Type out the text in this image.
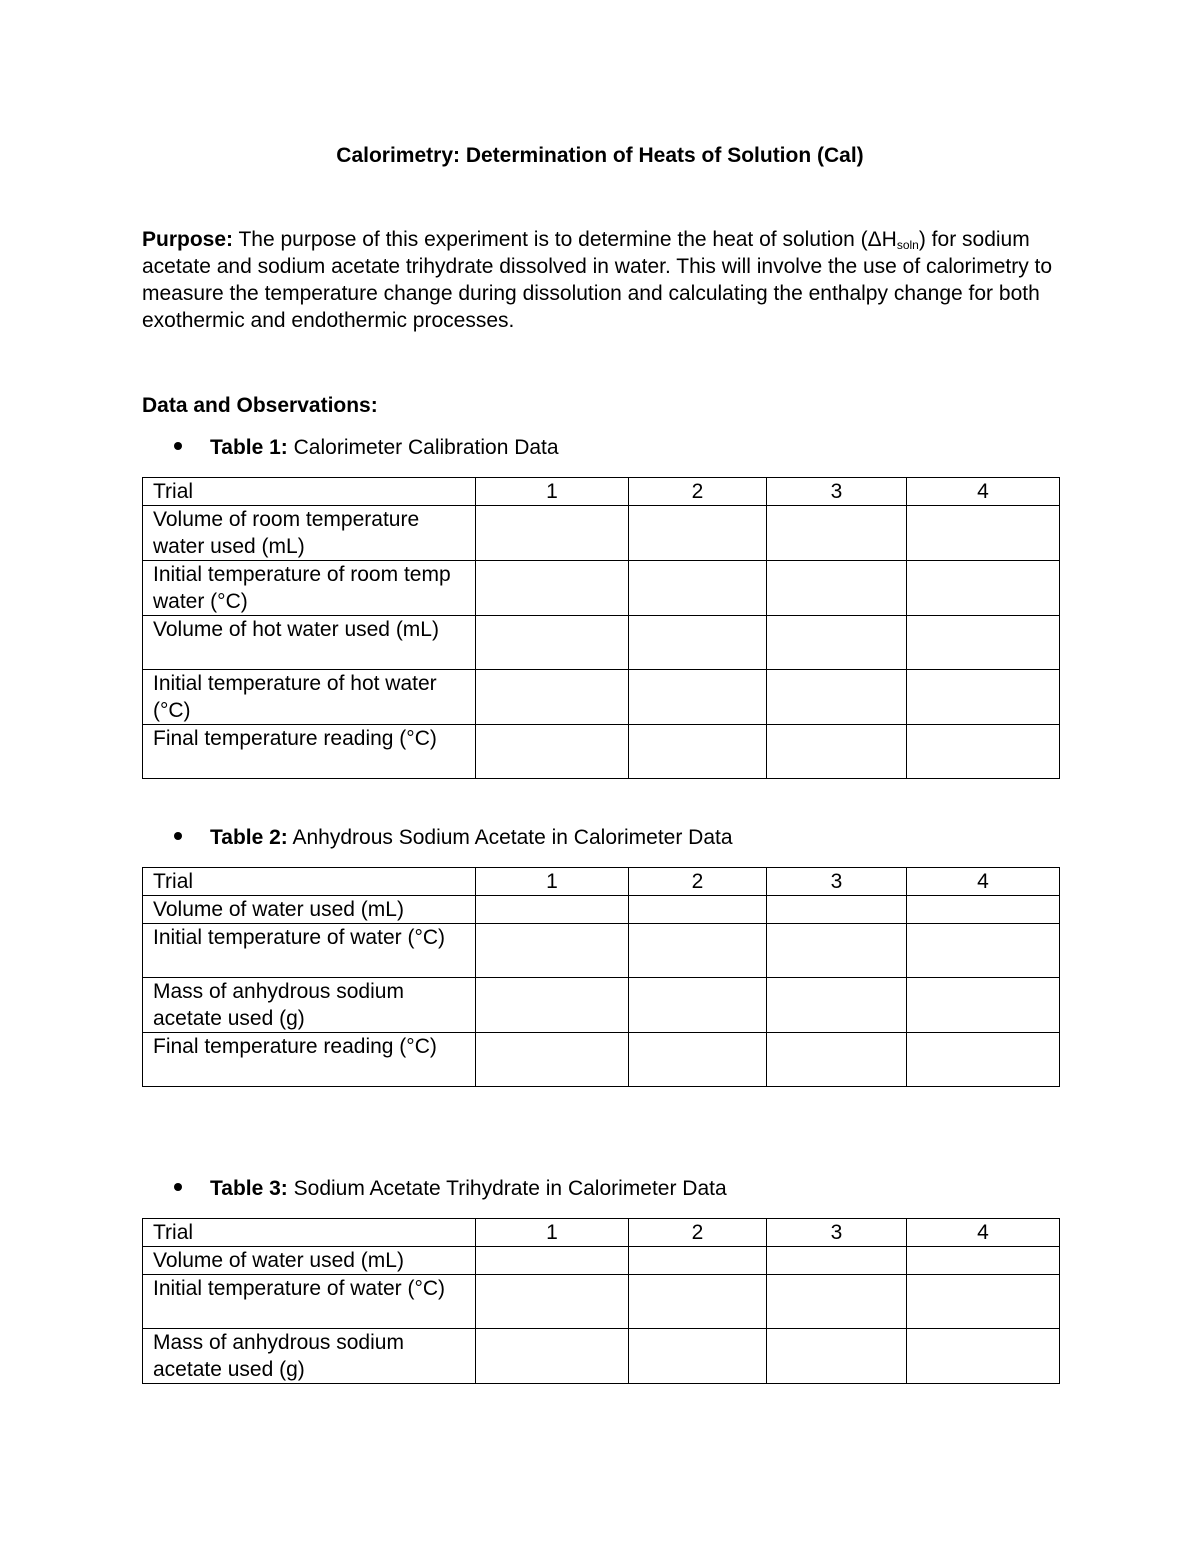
Calorimetry: Determination of Heats of Solution (Cal)
Purpose: The purpose of this experiment is to determine the heat of solution $(\Delta H_{soln})$ for sodium acetate and sodium acetate trihydrate dissolved in water. This will involve the use of calorimetry to measure the temperature change during dissolution and calculating the enthalpy change for both exothermic and endothermic processes.
Data and Observations:
Table 1: Calorimeter Calibration Data
Trial	1	2	3	4
Volume of room temperature water used (mL)				
Initial temperature of room temp water (°C)				
Volume of hot water used (mL)				
Initial temperature of hot water (°C)				
Final temperature reading (°C)				
Table 2: Anhydrous Sodium Acetate in Calorimeter Data
Trial	1	2	3	4
Volume of water used (mL)				
Initial temperature of water (°C)				
Mass of anhydrous sodium acetate used (g)				
Final temperature reading (°C)				
Table 3: Sodium Acetate Trihydrate in Calorimeter Data
Trial	1	2	3	4
Volume of water used (mL)				
Initial temperature of water (°C)				
Mass of anhydrous sodium acetate used (g)				
